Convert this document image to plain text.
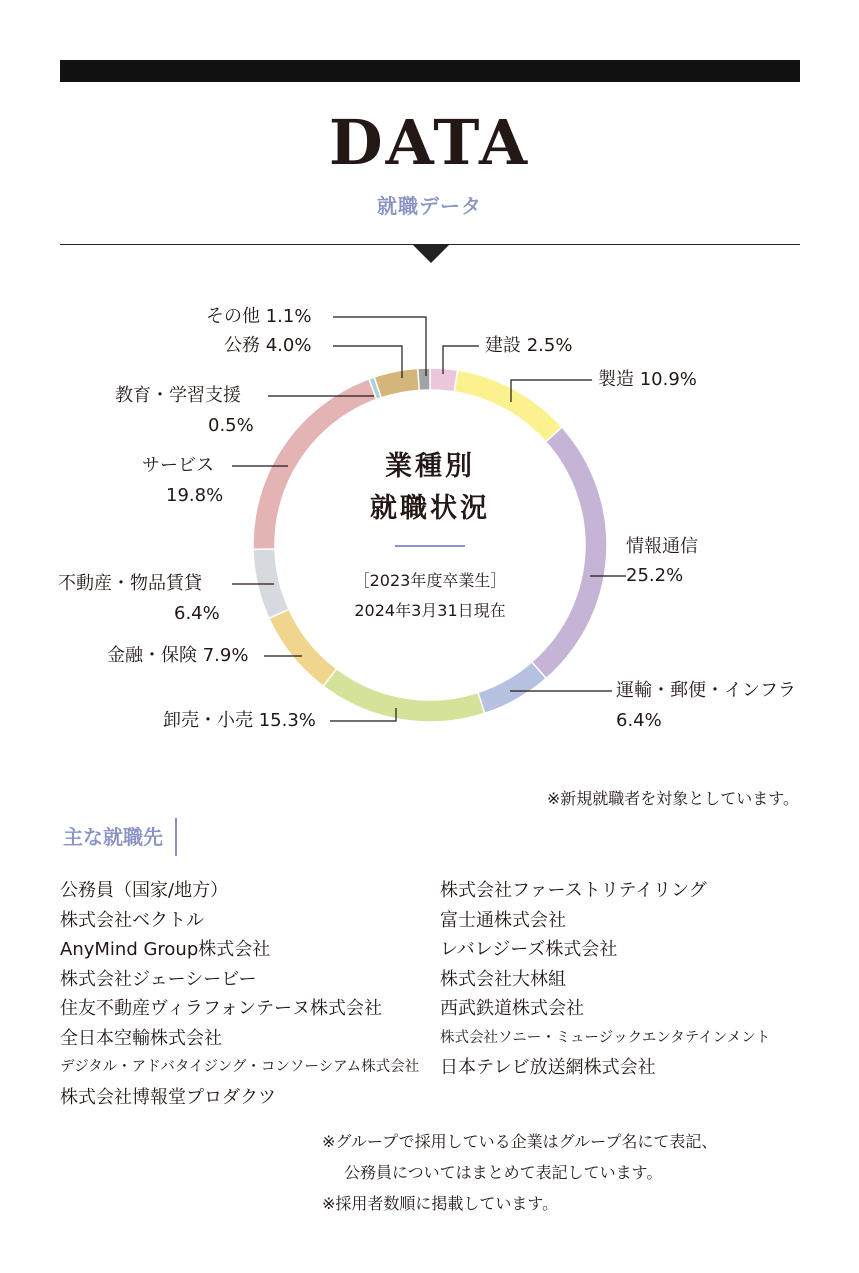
DATA
就職データ
その他 1.1%
公務 4.0%	建設 2.5%
製造 10.9%
教育・学習支援
0.5%
サービス
19.8%
情報通信
25.2%
不動産・物品賃貸
6.4%
金融・保険 7.9%
運輸・郵便・インフラ
6.4%
卸売・小売 15.3%
業種別
就職状況
［2023年度卒業生］
2024年3月31日現在
※新規就職者を対象としています。
主な就職先
公務員（国家/地方）
株式会社ベクトル
AnyMind Group株式会社
株式会社ジェーシービー
住友不動産ヴィラフォンテーヌ株式会社
全日本空輸株式会社
デジタル・アドバタイジング・コンソーシアム株式会社
株式会社博報堂プロダクツ
株式会社ファーストリテイリング
富士通株式会社
レバレジーズ株式会社
株式会社大林組
西武鉄道株式会社
株式会社ソニー・ミュージックエンタテインメント
日本テレビ放送網株式会社
※グループで採用している企業はグループ名にて表記、
公務員についてはまとめて表記しています。
※採用者数順に掲載しています。
